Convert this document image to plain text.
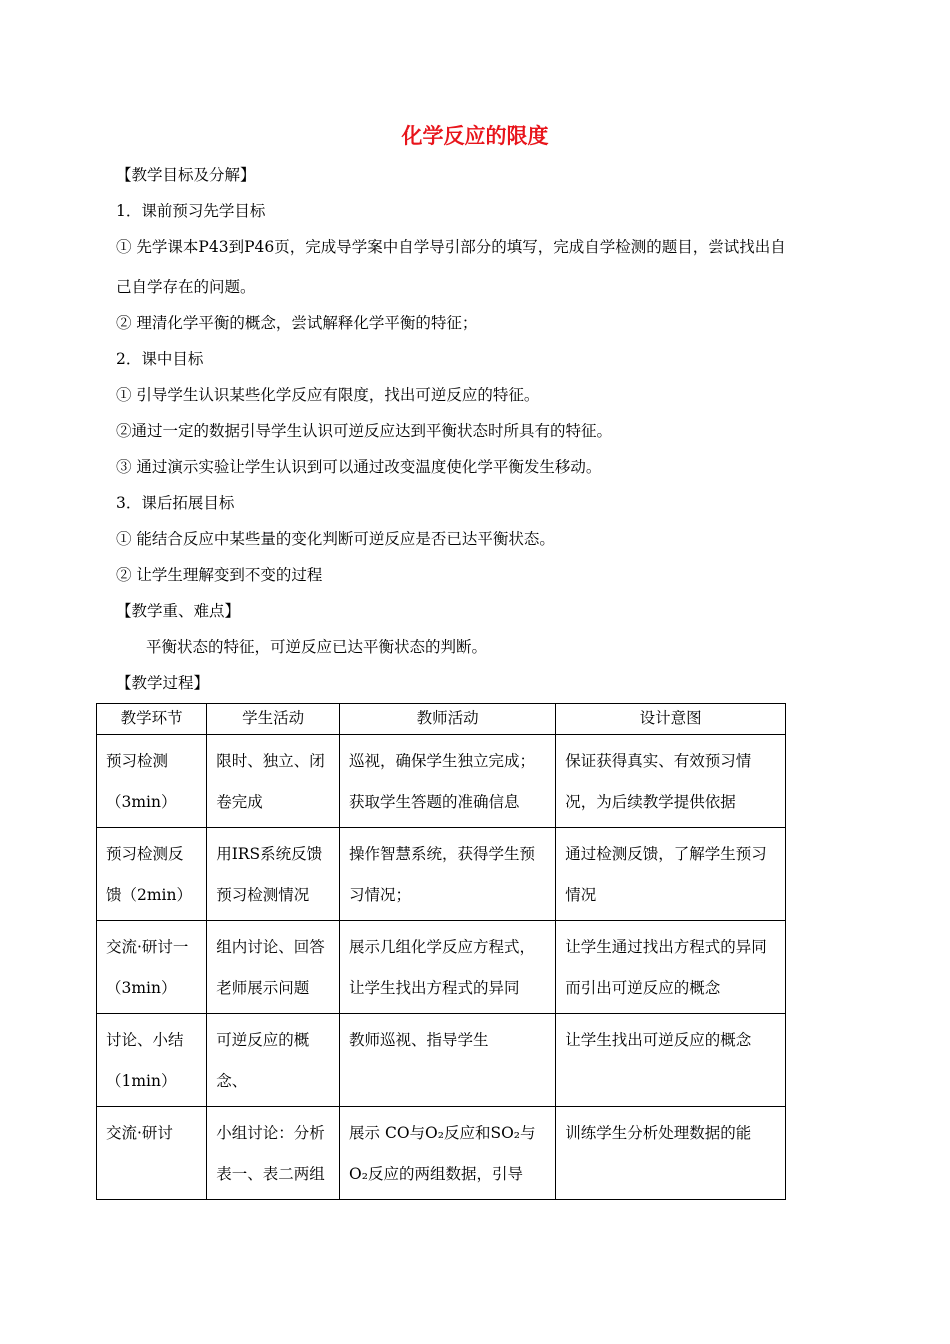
化学反应的限度
【教学目标及分解】
1．课前预习先学目标
① 先学课本P43到P46页，完成导学案中自学导引部分的填写，完成自学检测的题目，尝试找出自
己自学存在的问题。
② 理清化学平衡的概念，尝试解释化学平衡的特征；
2．课中目标
① 引导学生认识某些化学反应有限度，找出可逆反应的特征。
②通过一定的数据引导学生认识可逆反应达到平衡状态时所具有的特征。
③ 通过演示实验让学生认识到可以通过改变温度使化学平衡发生移动。
3．课后拓展目标
① 能结合反应中某些量的变化判断可逆反应是否已达平衡状态。
② 让学生理解变到不变的过程
【教学重、难点】
平衡状态的特征，可逆反应已达平衡状态的判断。
【教学过程】
教学环节	学生活动	教师活动	设计意图
预习检测（3min）	限时、独立、闭卷完成	巡视，确保学生独立完成；获取学生答题的准确信息	保证获得真实、有效预习情况，为后续教学提供依据
预习检测反馈（2min）	用IRS系统反馈预习检测情况	操作智慧系统，获得学生预习情况；	通过检测反馈，了解学生预习情况
交流·研讨一（3min）	组内讨论、回答老师展示问题	展示几组化学反应方程式，让学生找出方程式的异同	让学生通过找出方程式的异同而引出可逆反应的概念
讨论、小结（1min）	可逆反应的概念、	教师巡视、指导学生	让学生找出可逆反应的概念
交流·研讨	小组讨论：分析表一、表二两组	展示 CO与O₂反应和SO₂与O₂反应的两组数据，引导	训练学生分析处理数据的能
